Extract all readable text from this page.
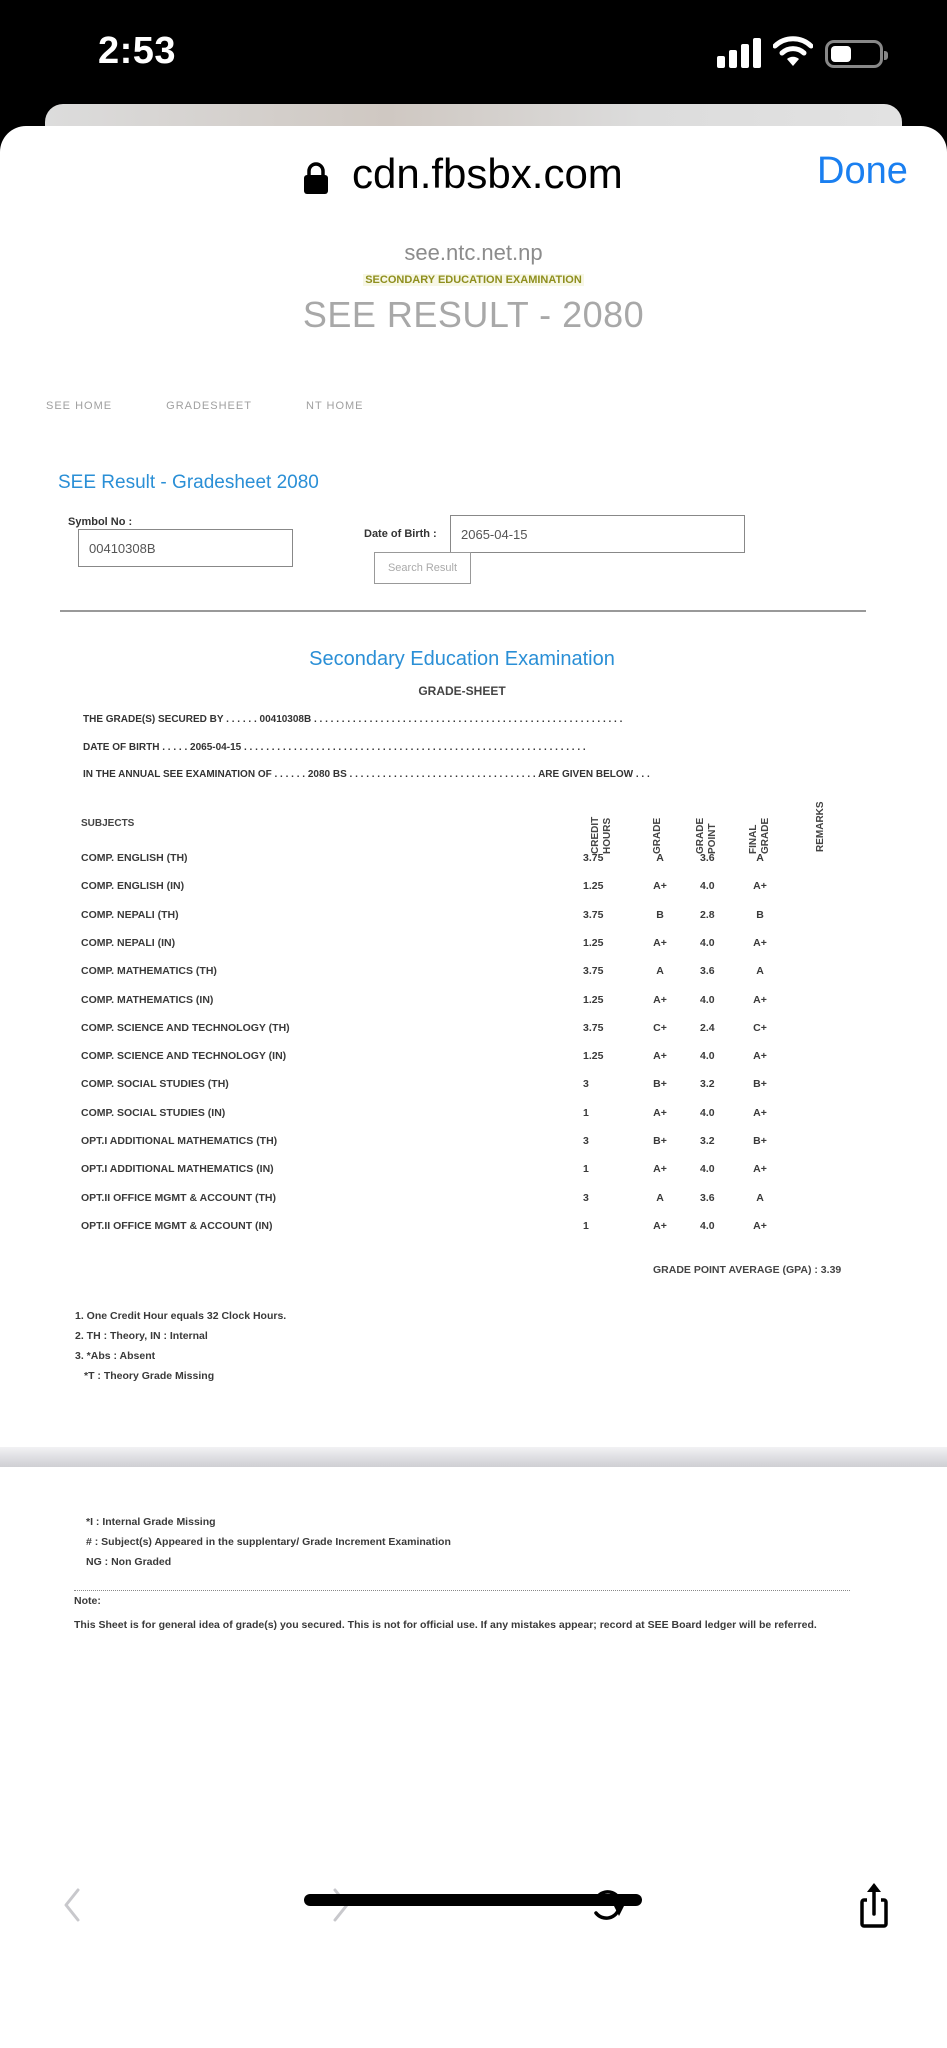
2:53
cdn.fbsbx.com	Done
see.ntc.net.np
SECONDARY EDUCATION EXAMINATION
SEE RESULT - 2080
SEE HOME	GRADESHEET	NT HOME
SEE Result - Gradesheet 2080
Symbol No :
00410308B
Date of Birth :	2065-04-15
Search Result
Secondary Education Examination
GRADE-SHEET
THE GRADE(S) SECURED BY . . . . . . 00410308B . . . . . . . . . . . . . . . . . . . . . . . . . . . . . . . . . . . . . . . . . . . . . . . . . . . . . . . .
DATE OF BIRTH . . . . . 2065-04-15 . . . . . . . . . . . . . . . . . . . . . . . . . . . . . . . . . . . . . . . . . . . . . . . . . . . . . . . . . . . . . .
IN THE ANNUAL SEE EXAMINATION OF . . . . . . 2080 BS . . . . . . . . . . . . . . . . . . . . . . . . . . . . . . . . . . ARE GIVEN BELOW . . .
SUBJECTS	CREDIT HOURS	GRADE	GRADE POINT	FINAL GRADE	REMARKS
COMP. ENGLISH (TH)	3.75	A	3.6	A
COMP. ENGLISH (IN)	1.25	A+	4.0	A+
COMP. NEPALI (TH)	3.75	B	2.8	B
COMP. NEPALI (IN)	1.25	A+	4.0	A+
COMP. MATHEMATICS (TH)	3.75	A	3.6	A
COMP. MATHEMATICS (IN)	1.25	A+	4.0	A+
COMP. SCIENCE AND TECHNOLOGY (TH)	3.75	C+	2.4	C+
COMP. SCIENCE AND TECHNOLOGY (IN)	1.25	A+	4.0	A+
COMP. SOCIAL STUDIES (TH)	3	B+	3.2	B+
COMP. SOCIAL STUDIES (IN)	1	A+	4.0	A+
OPT.I ADDITIONAL MATHEMATICS (TH)	3	B+	3.2	B+
OPT.I ADDITIONAL MATHEMATICS (IN)	1	A+	4.0	A+
OPT.II OFFICE MGMT & ACCOUNT (TH)	3	A	3.6	A
OPT.II OFFICE MGMT & ACCOUNT (IN)	1	A+	4.0	A+
GRADE POINT AVERAGE (GPA) : 3.39
1. One Credit Hour equals 32 Clock Hours.
2. TH : Theory, IN : Internal
3. *Abs : Absent
*T : Theory Grade Missing
*I : Internal Grade Missing
# : Subject(s) Appeared in the supplentary/ Grade Increment Examination
NG : Non Graded
Note:
This Sheet is for general idea of grade(s) you secured. This is not for official use. If any mistakes appear; record at SEE Board ledger will be referred.
